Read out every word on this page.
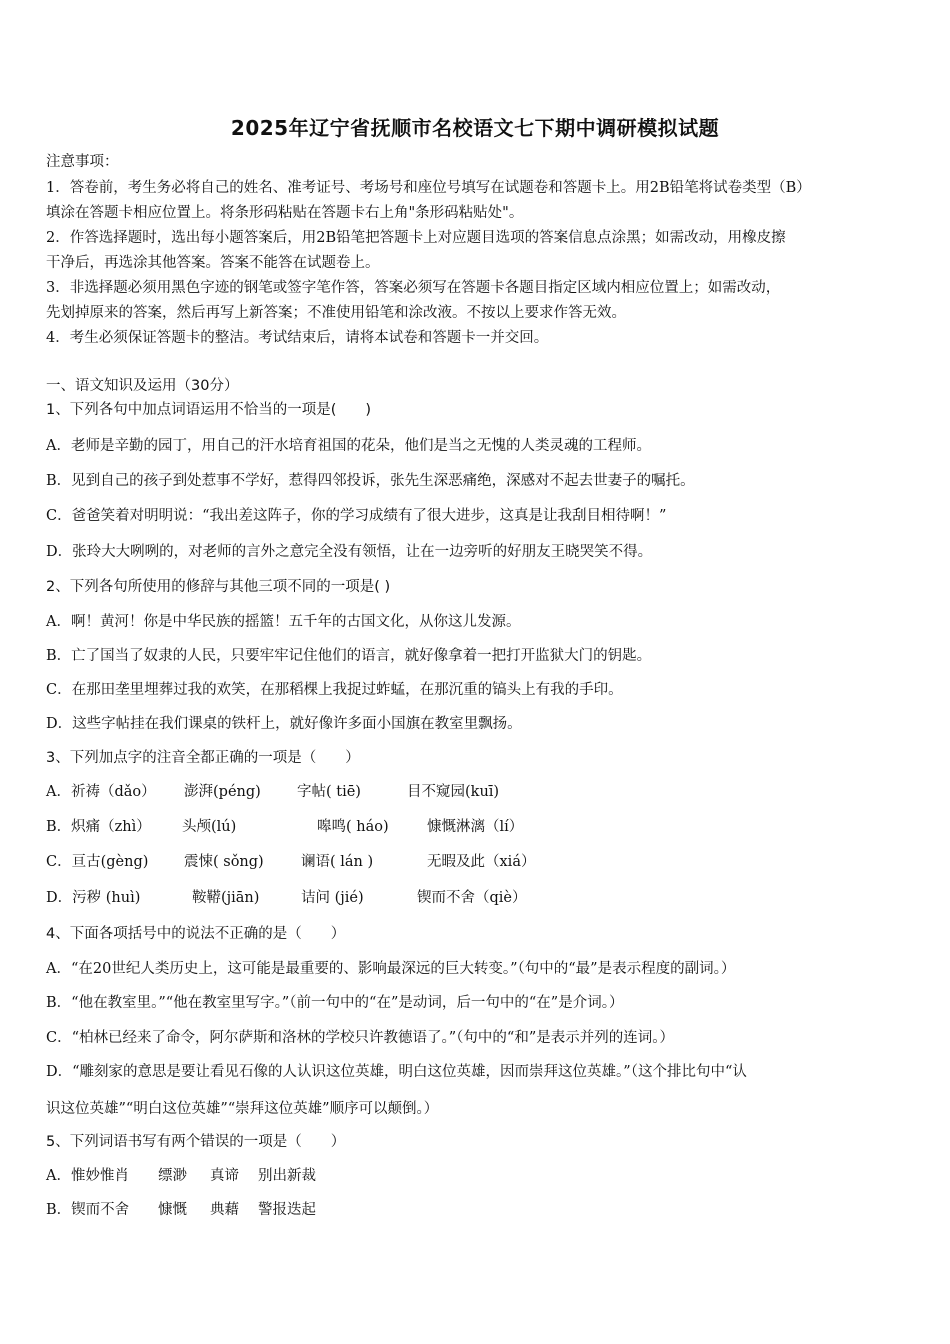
2025年辽宁省抚顺市名校语文七下期中调研模拟试题
注意事项：
1．答卷前，考生务必将自己的姓名、准考证号、考场号和座位号填写在试题卷和答题卡上。用2B铅笔将试卷类型（B）
填涂在答题卡相应位置上。将条形码粘贴在答题卡右上角"条形码粘贴处"。
2．作答选择题时，选出每小题答案后，用2B铅笔把答题卡上对应题目选项的答案信息点涂黑；如需改动，用橡皮擦
干净后，再选涂其他答案。答案不能答在试题卷上。
3．非选择题必须用黑色字迹的钢笔或签字笔作答，答案必须写在答题卡各题目指定区域内相应位置上；如需改动，
先划掉原来的答案，然后再写上新答案；不准使用铅笔和涂改液。不按以上要求作答无效。
4．考生必须保证答题卡的整洁。考试结束后，请将本试卷和答题卡一并交回。
一、语文知识及运用（30分）
1、下列各句中加点词语运用不恰当的一项是(　　)
A．老师是辛勤的园丁，用自己的汗水培育祖国的花朵，他们是当之无愧的人类灵魂的工程师。
B．见到自己的孩子到处惹事不学好，惹得四邻投诉，张先生深恶痛绝，深感对不起去世妻子的嘱托。
C．爸爸笑着对明明说：“我出差这阵子，你的学习成绩有了很大进步，这真是让我刮目相待啊！”
D．张玲大大咧咧的，对老师的言外之意完全没有领悟，让在一边旁听的好朋友王晓哭笑不得。
2、下列各句所使用的修辞与其他三项不同的一项是( )
A．啊！黄河！你是中华民族的摇篮！五千年的古国文化，从你这儿发源。
B．亡了国当了奴隶的人民，只要牢牢记住他们的语言，就好像拿着一把打开监狱大门的钥匙。
C．在那田垄里埋葬过我的欢笑，在那稻棵上我捉过蚱蜢，在那沉重的镐头上有我的手印。
D．这些字帖挂在我们课桌的铁杆上，就好像许多面小国旗在教室里飘扬。
3、下列加点字的注音全都正确的一项是（　　）
A．祈祷（dǎo） 澎湃(péng) 字帖( tiē)	目不窥园(kuī)
B．炽痛（zhì） 头颅(lú)	嗥鸣( háo)	慷慨淋漓（lí）
C．亘古(gèng) 震悚( sǒng)	谰语( lán )	无暇及此（xiá）
D．污秽 (huì)	鞍鞯(jiān)	诘问 (jié)	锲而不舍（qiè）
4、下面各项括号中的说法不正确的是（　　）
A．“在20世纪人类历史上，这可能是最重要的、影响最深远的巨大转变。”（句中的“最”是表示程度的副词。）
B．“他在教室里。”“他在教室里写字。”（前一句中的“在”是动词，后一句中的“在”是介词。）
C．“柏林已经来了命令，阿尔萨斯和洛林的学校只许教德语了。”（句中的“和”是表示并列的连词。）
D．“雕刻家的意思是要让看见石像的人认识这位英雄，明白这位英雄，因而崇拜这位英雄。”（这个排比句中“认
识这位英雄”“明白这位英雄”“崇拜这位英雄”顺序可以颠倒。）
5、下列词语书写有两个错误的一项是（　　）
A．惟妙惟肖 缥渺 真谛 别出新裁
B．锲而不舍 慷慨 典藉 警报迭起
